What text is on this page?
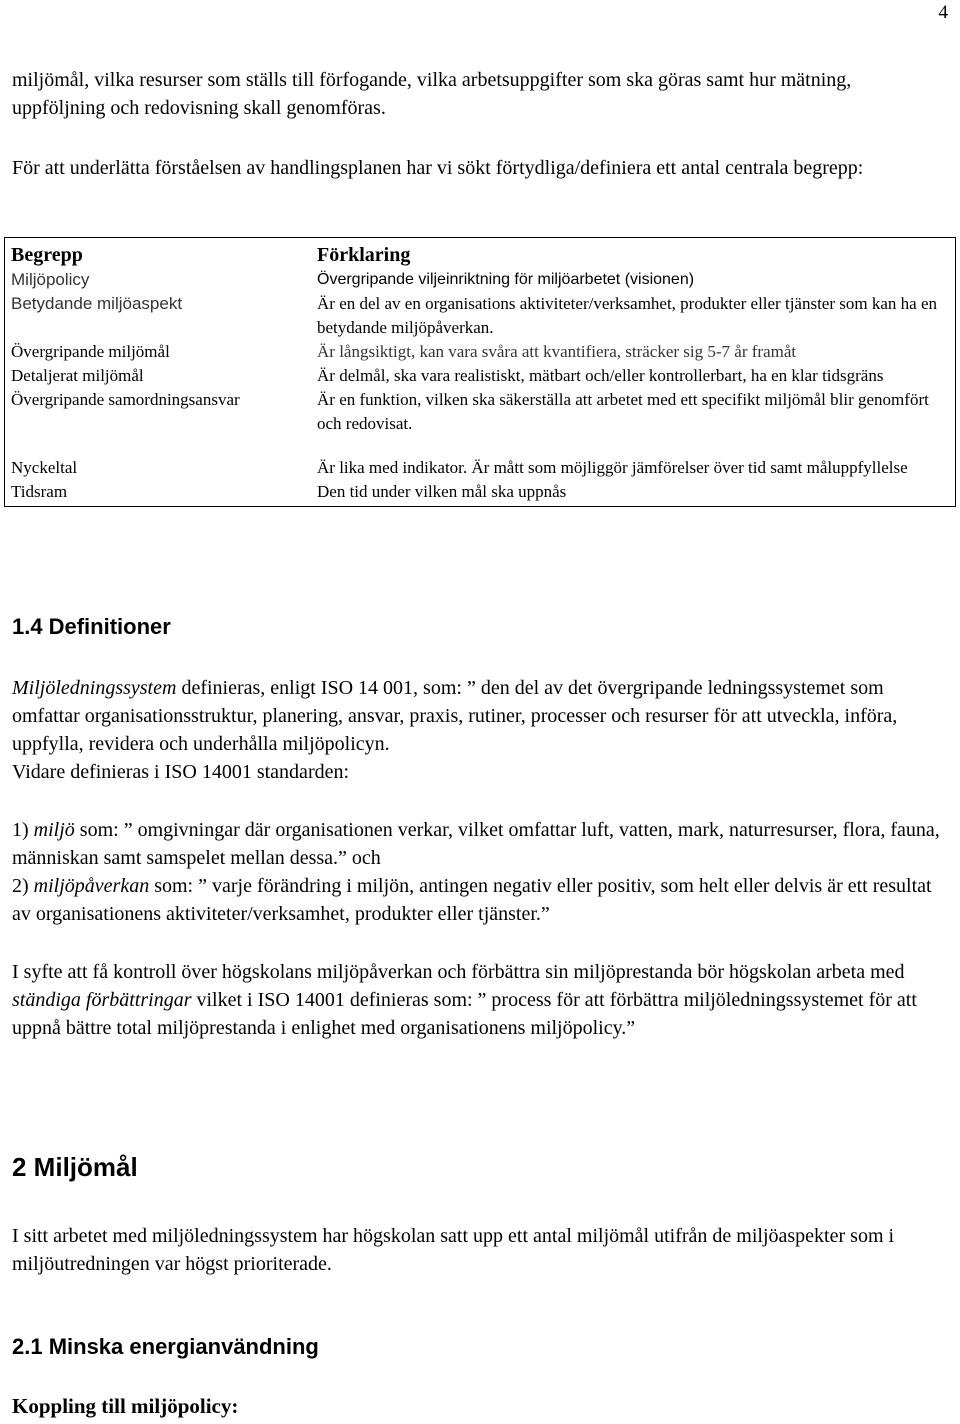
4

miljömål, vilka resurser som ställs till förfogande, vilka arbetsuppgifter som ska göras samt hur mätning, uppföljning och redovisning skall genomföras.

För att underlätta förståelsen av handlingsplanen har vi sökt förtydliga/definiera ett antal centrala begrepp:

Begrepp	Förklaring
Miljöpolicy	Övergripande viljeinriktning för miljöarbetet (visionen)
Betydande miljöaspekt	Är en del av en organisations aktiviteter/verksamhet, produkter eller tjänster som kan ha en betydande miljöpåverkan.
Övergripande miljömål	Är långsiktigt, kan vara svåra att kvantifiera, sträcker sig 5-7 år framåt
Detaljerat miljömål	Är delmål, ska vara realistiskt, mätbart och/eller kontrollerbart, ha en klar tidsgräns
Övergripande samordningsansvar	Är en funktion, vilken ska säkerställa att arbetet med ett specifikt miljömål blir genomfört och redovisat.
Nyckeltal	Är lika med indikator. Är mått som möjliggör jämförelser över tid samt måluppfyllelse
Tidsram	Den tid under vilken mål ska uppnås
1.4 Definitioner

Miljöledningssystem definieras, enligt ISO 14 001, som: ” den del av det övergripande ledningssystemet som omfattar organisationsstruktur, planering, ansvar, praxis, rutiner, processer och resurser för att utveckla, införa, uppfylla, revidera och underhålla miljöpolicyn.
Vidare definieras i ISO 14001 standarden:

1) miljö som: ” omgivningar där organisationen verkar, vilket omfattar luft, vatten, mark, naturresurser, flora, fauna, människan samt samspelet mellan dessa.” och
2) miljöpåverkan som: ” varje förändring i miljön, antingen negativ eller positiv, som helt eller delvis är ett resultat av organisationens aktiviteter/verksamhet, produkter eller tjänster.”

I syfte att få kontroll över högskolans miljöpåverkan och förbättra sin miljöprestanda bör högskolan arbeta med ständiga förbättringar vilket i ISO 14001 definieras som: ” process för att förbättra miljöledningssystemet för att uppnå bättre total miljöprestanda i enlighet med organisationens miljöpolicy.”

2 Miljömål

I sitt arbetet med miljöledningssystem har högskolan satt upp ett antal miljömål utifrån de miljöaspekter som i miljöutredningen var högst prioriterade.

2.1 Minska energianvändning
Koppling till miljöpolicy:
